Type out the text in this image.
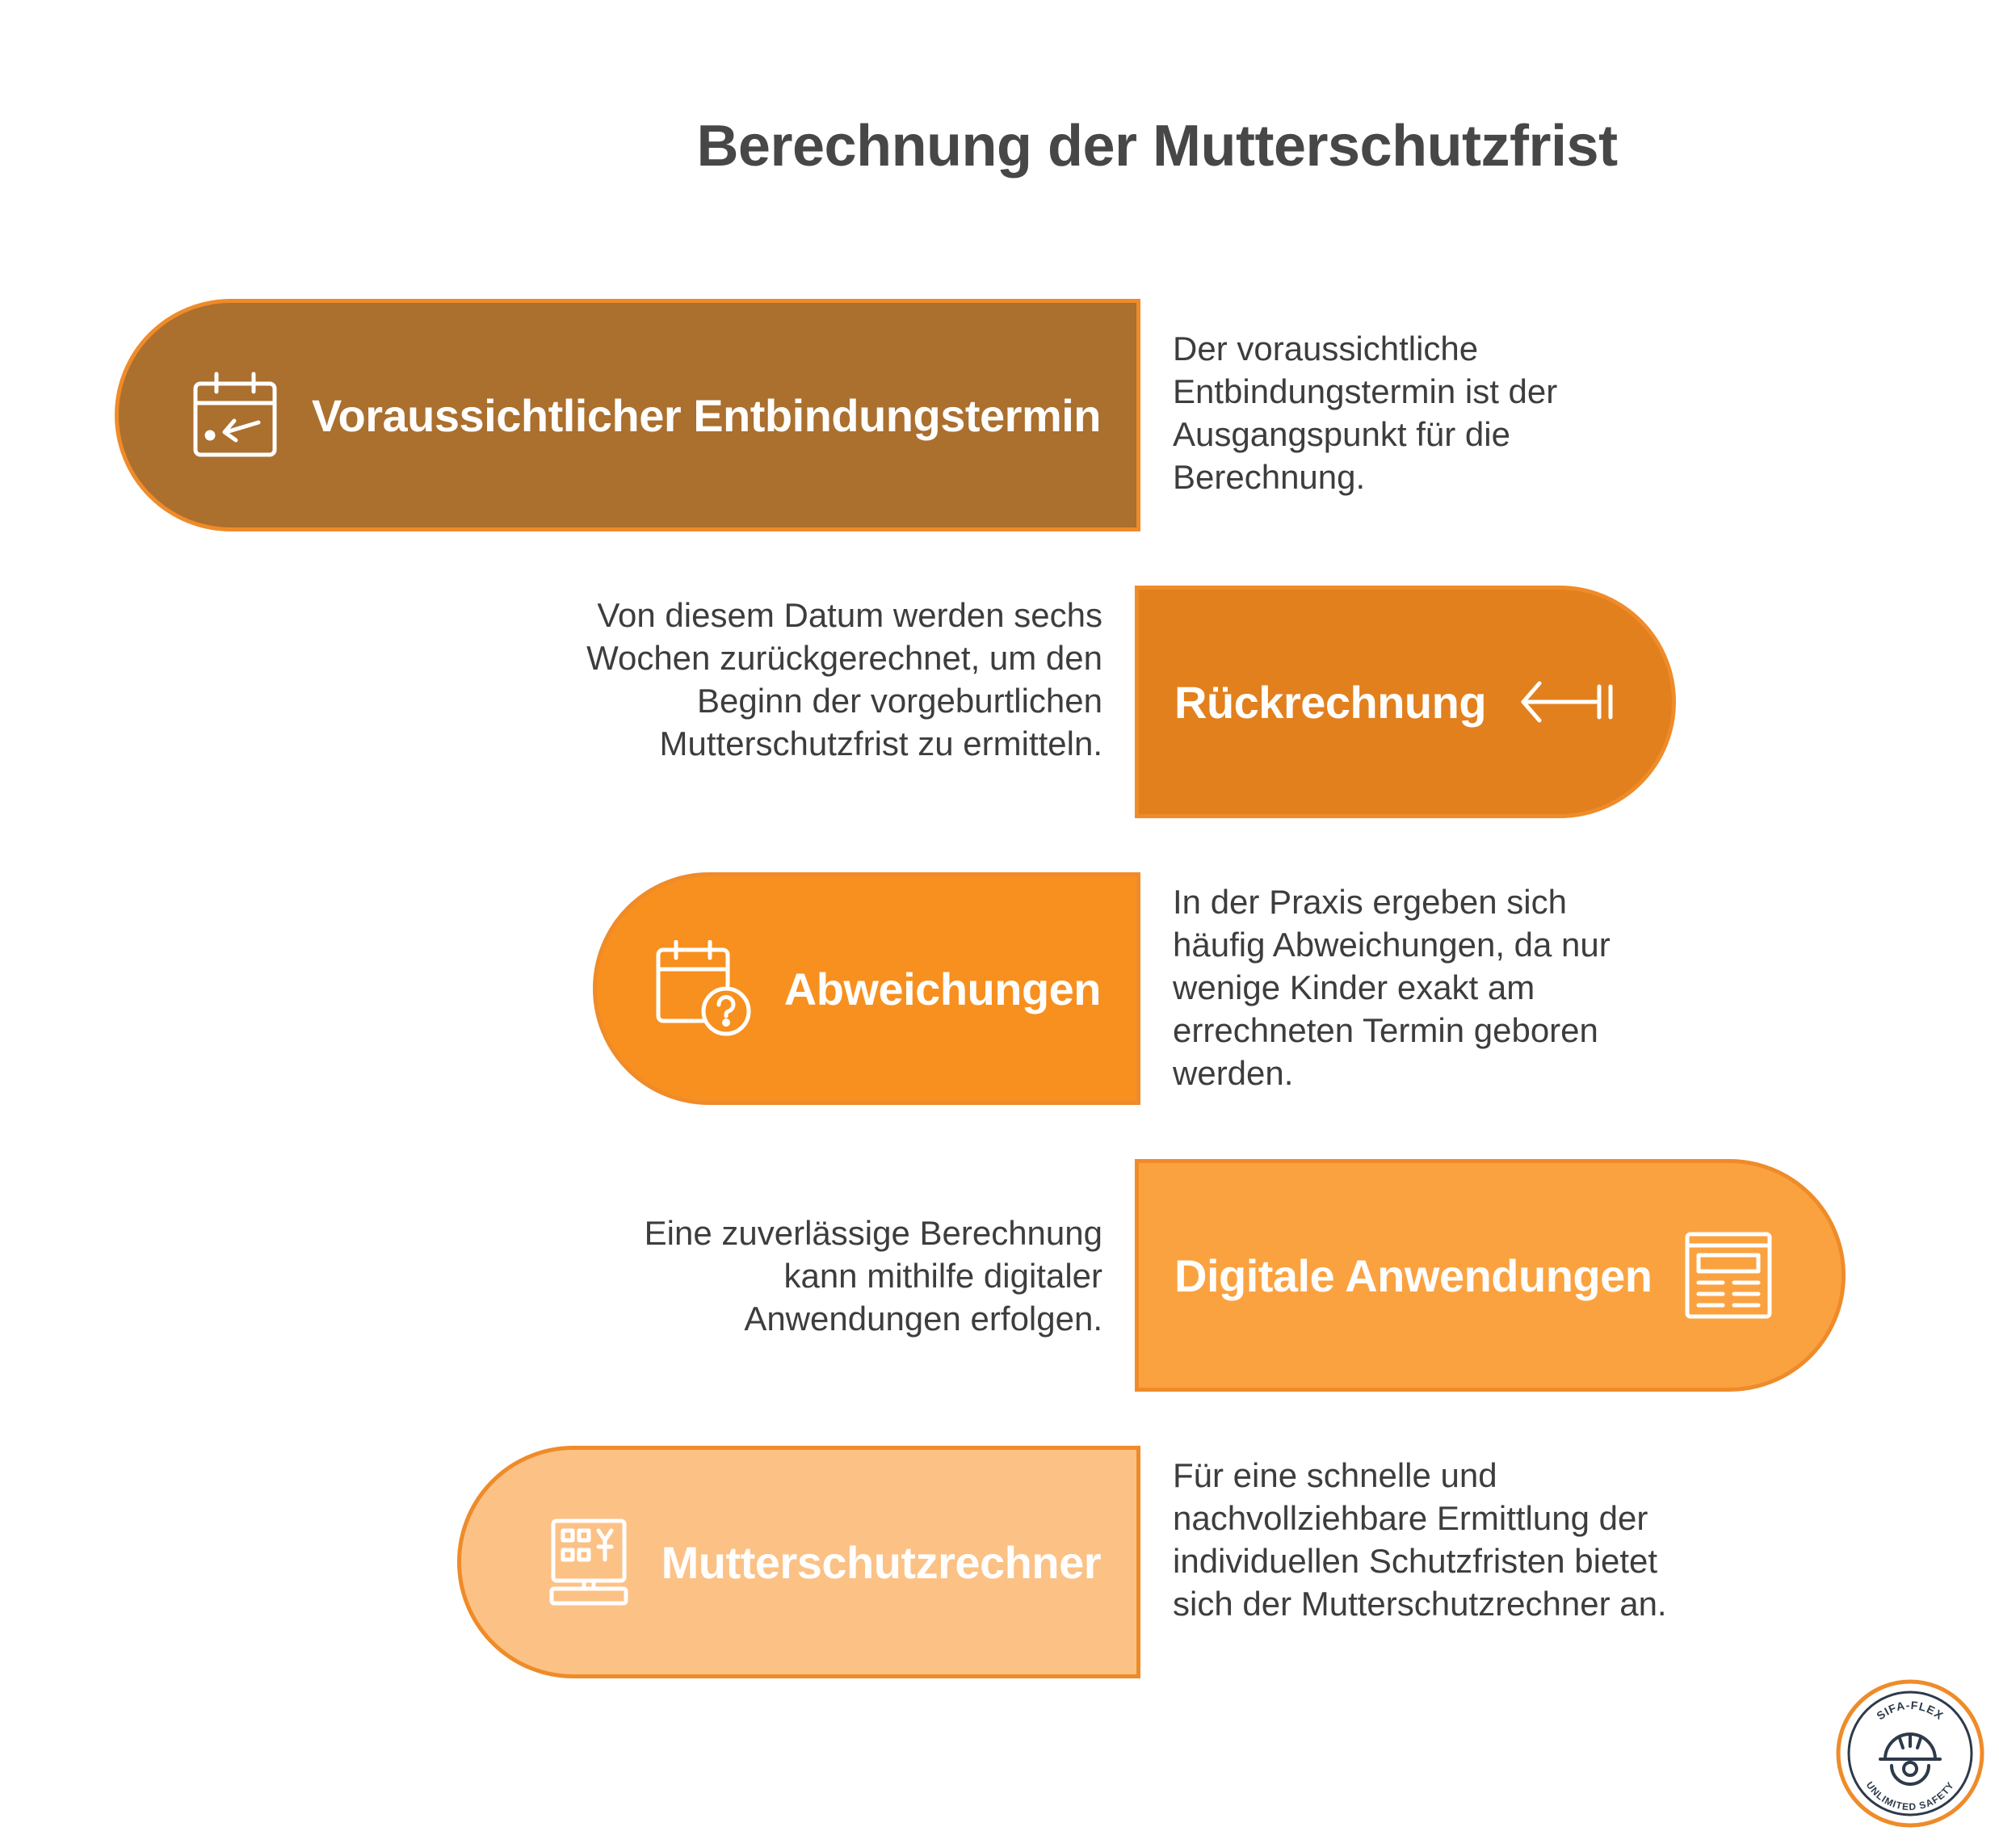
Berechnung der Mutterschutzfrist
Voraussichtlicher Entbindungstermin
Der voraussichtliche Entbindungstermin ist der Ausgangspunkt für die Berechnung.
Rückrechnung
Von diesem Datum werden sechs Wochen zurückgerechnet, um den Beginn der vorgeburtlichen Mutterschutzfrist zu ermitteln.
Abweichungen
In der Praxis ergeben sich häufig Abweichungen, da nur wenige Kinder exakt am errechneten Termin geboren werden.
Digitale Anwendungen
Eine zuverlässige Berechnung kann mithilfe digitaler Anwendungen erfolgen.
Mutterschutzrechner
Für eine schnelle und nachvollziehbare Ermittlung der individuellen Schutzfristen bietet sich der Mutterschutzrechner an.
SIFA-FLEX
UNLIMITED SAFETY
